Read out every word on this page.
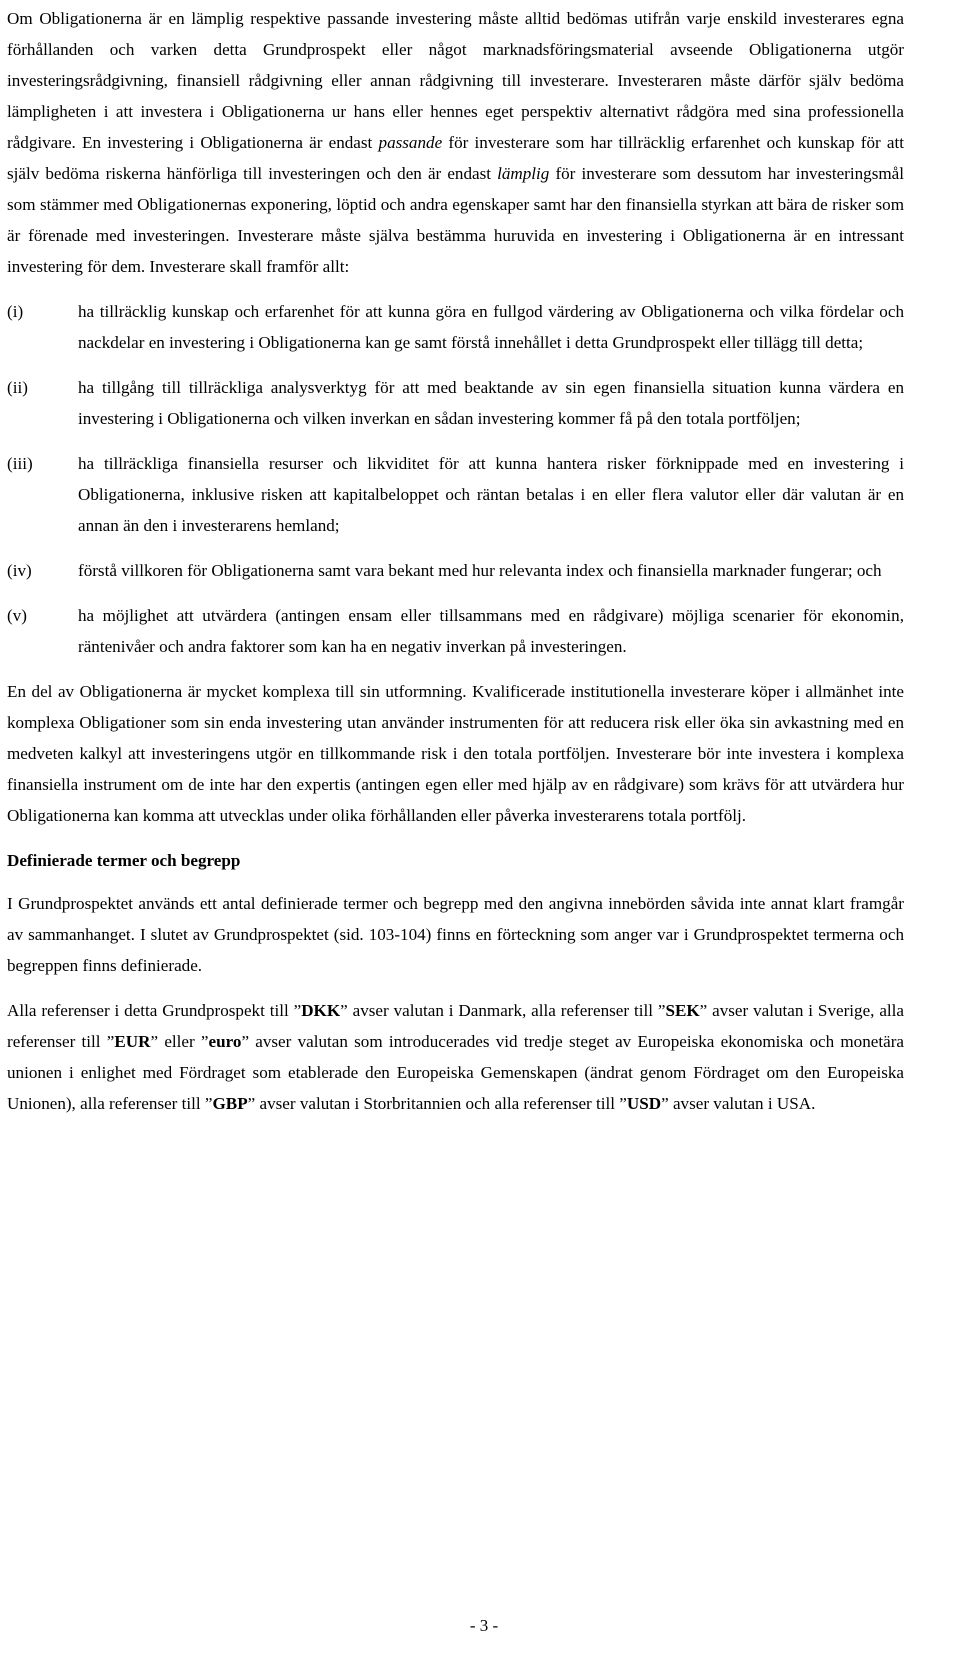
Om Obligationerna är en lämplig respektive passande investering måste alltid bedömas utifrån varje enskild investerares egna förhållanden och varken detta Grundprospekt eller något marknadsföringsmaterial avseende Obligationerna utgör investeringsrådgivning, finansiell rådgivning eller annan rådgivning till investerare. Investeraren måste därför själv bedöma lämpligheten i att investera i Obligationerna ur hans eller hennes eget perspektiv alternativt rådgöra med sina professionella rådgivare. En investering i Obligationerna är endast passande för investerare som har tillräcklig erfarenhet och kunskap för att själv bedöma riskerna hänförliga till investeringen och den är endast lämplig för investerare som dessutom har investeringsmål som stämmer med Obligationernas exponering, löptid och andra egenskaper samt har den finansiella styrkan att bära de risker som är förenade med investeringen. Investerare måste själva bestämma huruvida en investering i Obligationerna är en intressant investering för dem. Investerare skall framför allt:

(i)	ha tillräcklig kunskap och erfarenhet för att kunna göra en fullgod värdering av Obligationerna och vilka fördelar och nackdelar en investering i Obligationerna kan ge samt förstå innehållet i detta Grundprospekt eller tillägg till detta;
(ii)	ha tillgång till tillräckliga analysverktyg för att med beaktande av sin egen finansiella situation kunna värdera en investering i Obligationerna och vilken inverkan en sådan investering kommer få på den totala portföljen;
(iii)	ha tillräckliga finansiella resurser och likviditet för att kunna hantera risker förknippade med en investering i Obligationerna, inklusive risken att kapitalbeloppet och räntan betalas i en eller flera valutor eller där valutan är en annan än den i investerarens hemland;
(iv)	förstå villkoren för Obligationerna samt vara bekant med hur relevanta index och finansiella marknader fungerar; och
(v)	ha möjlighet att utvärdera (antingen ensam eller tillsammans med en rådgivare) möjliga scenarier för ekonomin, räntenivåer och andra faktorer som kan ha en negativ inverkan på investeringen.

En del av Obligationerna är mycket komplexa till sin utformning. Kvalificerade institutionella investerare köper i allmänhet inte komplexa Obligationer som sin enda investering utan använder instrumenten för att reducera risk eller öka sin avkastning med en medveten kalkyl att investeringens utgör en tillkommande risk i den totala portföljen. Investerare bör inte investera i komplexa finansiella instrument om de inte har den expertis (antingen egen eller med hjälp av en rådgivare) som krävs för att utvärdera hur Obligationerna kan komma att utvecklas under olika förhållanden eller påverka investerarens totala portfölj.

Definierade termer och begrepp

I Grundprospektet används ett antal definierade termer och begrepp med den angivna innebörden såvida inte annat klart framgår av sammanhanget. I slutet av Grundprospektet (sid. 103-104) finns en förteckning som anger var i Grundprospektet termerna och begreppen finns definierade.

Alla referenser i detta Grundprospekt till ”DKK” avser valutan i Danmark, alla referenser till ”SEK” avser valutan i Sverige, alla referenser till ”EUR” eller ”euro” avser valutan som introducerades vid tredje steget av Europeiska ekonomiska och monetära unionen i enlighet med Fördraget som etablerade den Europeiska Gemenskapen (ändrat genom Fördraget om den Europeiska Unionen), alla referenser till ”GBP” avser valutan i Storbritannien och alla referenser till ”USD” avser valutan i USA.

- 3 -
